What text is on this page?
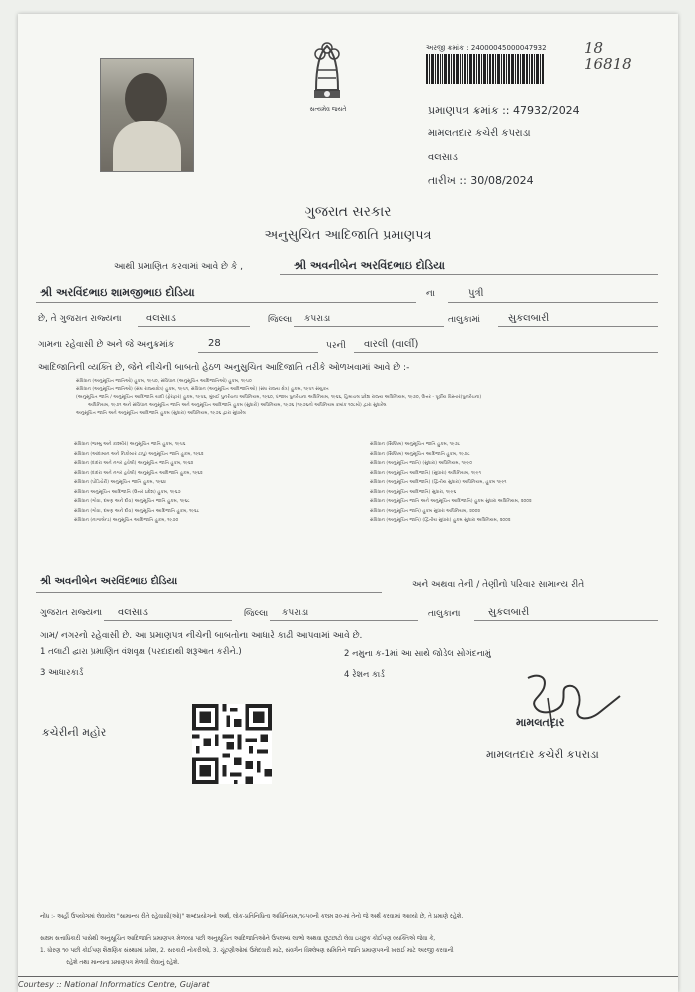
સત્યમેવ જયતે
અરજી ક્રમાંક : 24000045000047932 18
16818
પ્રમાણપત્ર ક્રમાંક :: 47932/2024
મામલતદાર કચેરી કપરાડા
વલસાડ
તારીખ :: 30/08/2024
ગુજરાત સરકાર
અનુસુચિત આદિજાતિ પ્રમાણપત્ર
આથી પ્રમાણિત કરવામાં આવે છે કે ,	શ્રી અવનીબેન અરવિંદભાઇ દોડિયા
શ્રી અરવિંદભાઇ શામજીભાઇ દોડિયા	ના	પુત્રી
છે, તે ગુજરાત રાજ્યના વલસાડ	જિલ્લા કપરાડા	તાલુકામાં	સુકલબારી
ગામના રહેવાસી છે અને જે અનુક્રમાંક	28	પરની વારલી (વાર્લી)
આદિજાતિની વ્યક્તિ છે, જેને નીચેની બાબતો હેઠળ અનુસુચિત આદિજાતિ તરીકે ઓળખવામાં આવે છે :-
સંવિધાન (અનુસૂચિત જાતિઓ) હુકમ, ૧૯૫૦, સંવિધાન (અનુસૂચિત આદિજાતિઓ) હુકમ, ૧૯૫૦
સંવિધાન (અનુસૂચિત જાતિઓ) (સંઘ રાજ્યક્ષેત્ર) હુકમ, ૧૯૫૧, સંવિધાન (અનુસૂચિત આદિજાતિઓ) (સંઘ રાજ્ય ક્ષેત્ર) હુકમ, ૧૯૫૧ સંયુક્ત
(અનુસૂચિત જાતિ / અનુસૂચિત આદિજાતિ યાદી (ફેરફાર) હુકમ, ૧૯૫૬, મુંબઈ પુનર્રચના અધિનિયમ, ૧૯૬૦, પંજાબ પુનર્રચના અધિનિયમ, ૧૯૬૬, હિમાચલ પ્રદેશ રાજ્ય અધિનિયમ, ૧૯૭૦, ઉત્તર - પૂર્વીય વિસ્તાર(પુનર્રચના)
અધિનિયમ, ૧૯૭૧ અને સંવિધાન અનુસૂચિત જાતિ અને અનુસૂચિત આદિજાતિ હુકમ (સુધારો) અધિનિયમ, ૧૯૭૬ (૧૯૭૬નો અધિનિયમ ક્રમાંક ૧૦૮મો) દ્વારા સુધારેલ
અનુસૂચિત જાતિ અને અનુસૂચિત આદિજાતિ હુકમ (સુધારા) અધિનિયમ, ૧૯૭૬ દ્વારા સુધારેલ
સંવિધાન (જમ્મુ અને કાશ્મીર) અનુસૂચિત જાતિ હુકમ, ૧૯૫૬
સંવિધાન (આંદામાન અને નિકોબાર ટાપુ) અનુસૂચિત જાતિ હુકમ, ૧૯૬૨
સંવિધાન (દાદરા અને નગર હવેલી) અનુસૂચિત જાતિ હુકમ, ૧૯૬૨
સંવિધાન (દાદરા અને નગર હવેલી) અનુસૂચિત આદિજાતિ હુકમ, ૧૯૬૨
સંવિધાન (પોંડિચેરી) અનુસૂચિત જાતિ હુકમ, ૧૯૬૪
સંવિધાન અનુસૂચિત આદિજાતિ (ઉત્તર પ્રદેશ) હુકમ, ૧૯૬૭
સંવિધાન (ગોવા, દમણ અને દીવ) અનુસૂચિત જાતિ હુકમ, ૧૯૬૮
સંવિધાન (ગોવા, દમણ અને દીવ) અનુસૂચિત આદિજાતિ હુકમ, ૧૯૬૮
સંવિધાન (નાગાલેન્ડ) અનુસૂચિત આદિજાતિ હુકમ, ૧૯૭૦
સંવિધાન (સિક્કિમ) અનુસૂચિત જાતિ હુકમ, ૧૯૭૮
સંવિધાન (સિક્કિમ) અનુસૂચિત આદિજાતિ હુકમ, ૧૯૭૮
સંવિધાન (અનુસૂચિત જાતિ) (સુધારા) અધિનિયમ, ૧૯૯૦
સંવિધાન (અનુસૂચિત આદિજાતિ) (સુધારા) અધિનિયમ, ૧૯૯૧
સંવિધાન (અનુસૂચિત આદિજાતિ) (દ્વિતીય સુધારા) અધિનિયમ, હુકમ ૧૯૯૧
સંવિધાન (અનુસૂચિત આદિજાતિ) સુધારા, ૧૯૯૬
સંવિધાન (અનુસૂચિત જાતિ અને અનુસૂચિત આદિજાતિ) હુકમ સુધારા અધિનિયમ, ૨૦૦૨
સંવિધાન (અનુસૂચિત જાતિ) હુકમ સુધારા અધિનિયમ, ૨૦૦૨
સંવિધાન (અનુસૂચિત જાતિ) (દ્વિતીય સુધારા) હુકમ સુધારા અધિનિયમ, ૨૦૦૨
શ્રી અવનીબેન અરવિંદભાઇ દોડિયા	અને અથવા તેની / તેણીનો પરિવાર સામાન્ય રીતે
ગુજરાત રાજ્યના વલસાડ	જિલ્લા કપરાડા	તાલુકાના	સુકલબારી
ગામ/ નગરનો રહેવાસી છે. આ પ્રમાણપત્ર નીચેની બાબતોના આધારે કાઢી આપવામાં આવે છે.
1 તલાટી દ્વારા પ્રમાણિત વંશવૃક્ષ (પરદાદાથી શરૂઆત કરીને.)	2 નમુના ક-1માં આ સાથે જોડેલ સોગંદનામું
3 આધારકાર્ડ	4 રેશન કાર્ડ
કચેરીની મહોર
મામલતદાર
મામલતદાર કચેરી કપરાડા
નોંધ :- અહીં ઉપયોગમાં લેવાયેલ "સામાન્ય રીતે રહેવાસી(ઓ)" શબ્દપ્રયોગનો અર્થ, લોક-પ્રતિનિધિત્વ અધિનિયમ,૧૯૫૦ની કલમ ૨૦-માં તેનો જે અર્થ કરવામાં આવ્યો છે, તે પ્રમાણે રહેશે.
સક્ષમ સત્તાધિકારી પાસેથી અનુસૂચિત આદિજાતિ પ્રમાણપત્ર મેળવ્યા પછી અનુસૂચિત આદિજાતિઓને ઉપલબ્ધ લાભો અથવા છૂટછાટો લેવા ઇચ્છુક કોઈપણ વ્યક્તિએ જેવા કે,
1. ધોરણ ૧૦ પછી કોઈપણ શૈક્ષણિક સંસ્થામાં પ્રવેશ, 2. સરકારી નોકરીઓ, 3. ચૂંટણીઓમાં ઉમેદવારી માટે, સંવર્ગન વિશ્લેષણ સમિતિને જાતિ પ્રમાણપત્રની ખરાઈ માટે અરજી કરવાની
રહેશે તથા માન્યતા પ્રમાણપત્ર મેળવી લેવાનું રહેશે.
Courtesy :: National Informatics Centre, Gujarat
